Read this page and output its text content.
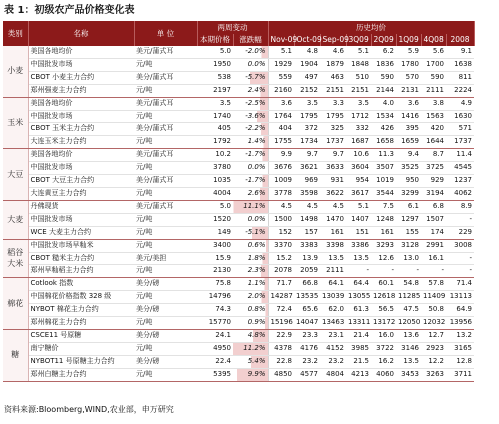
表 1：初级农产品价格变化表
类别	名称	单 位	两周变动		历史均价							
			本期价格	涨跌幅	Nov-09	Oct-09	Sep-09	3Q09	2Q09	1Q09	4Q08	2008
小麦	美国各地均价	美元/蒲式耳	5.0	-2.0%	5.1	4.8	4.6	5.1	6.2	5.9	5.6	9.1
	中国批发市场	元/吨	1950	0.0%	1929	1904	1879	1848	1836	1780	1700	1638
	CBOT 小麦主力合约	美分/蒲式耳	538	-5.7%	559	497	463	510	590	570	590	811
	郑州强麦主力合约	元/吨	2197	2.4%	2160	2152	2151	2151	2144	2131	2111	2224
玉米	美国各地均价	美元/蒲式耳	3.5	-2.5%	3.6	3.5	3.3	3.5	4.0	3.6	3.8	4.9
	中国批发市场	元/吨	1740	-3.6%	1764	1795	1795	1712	1534	1416	1563	1630
	CBOT 玉米主力合约	美分/蒲式耳	405	-2.2%	404	372	325	332	426	395	420	571
	大连玉米主力合约	元/吨	1792	1.4%	1755	1734	1737	1687	1658	1659	1644	1737
大豆	美国各地均价	美元/蒲式耳	10.2	-1.7%	9.9	9.7	9.7	10.6	11.3	9.4	8.7	11.4
	中国批发市场	元/吨	3780	0.0%	3676	3621	3633	3604	3507	3525	3725	4545
	CBOT 大豆主力合约	美分/蒲式耳	1035	-1.7%	1009	969	931	954	1019	950	929	1237
	大连黄豆主力合约	元/吨	4004	2.6%	3778	3598	3622	3617	3544	3299	3194	4062
大麦	丹佛现货	美元/蒲式耳	5.0	11.1%	4.5	4.5	4.5	5.1	7.5	6.1	6.8	8.9
	中国批发市场	元/吨	1520	0.0%	1500	1498	1470	1407	1248	1297	1507	-
	WCE 大麦主力合约	元/吨	149	-5.1%	152	157	161	151	161	155	174	229
稻谷大米	中国批发市场早籼米	元/吨	3400	0.6%	3370	3383	3398	3386	3293	3128	2991	3008
	CBOT 糙米主力合约	美元/美担	15.9	1.8%	15.2	13.9	13.5	13.5	12.6	13.0	16.1	-
	郑州早籼稻主力合约	元/吨	2130	2.3%	2078	2059	2111	-	-	-	-	-
棉花	Cotlook 指数	美分/磅	75.8	1.1%	71.7	66.8	64.1	64.4	60.1	54.8	57.8	71.4
	中国棉花价格指数 328 级	元/吨	14796	2.0%	14287	13535	13039	13055	12618	11285	11409	13113
	NYBOT 棉花主力合约	美分/磅	74.3	0.8%	72.4	65.6	62.0	61.3	56.5	47.5	50.8	64.9
	郑州棉花主力合约	元/吨	15770	0.9%	15196	14047	13463	13311	13172	12050	12032	13956
糖	CSCE11 号原糖	美分/磅	24.1	4.8%	22.9	23.3	23.1	21.4	16.0	13.6	12.7	13.2
	南宁糖价	元/吨	4950	11.2%	4378	4176	4152	3985	3722	3146	2923	3165
	NYBOT11 号原糖主力合约	美分/磅	22.4	5.4%	22.8	23.2	23.2	21.5	16.2	13.5	12.2	12.8
	郑州白糖主力合约	元/吨	5395	9.9%	4850	4577	4804	4213	4060	3453	3263	3711
资料来源:Bloomberg,WIND,农业部，申万研究
